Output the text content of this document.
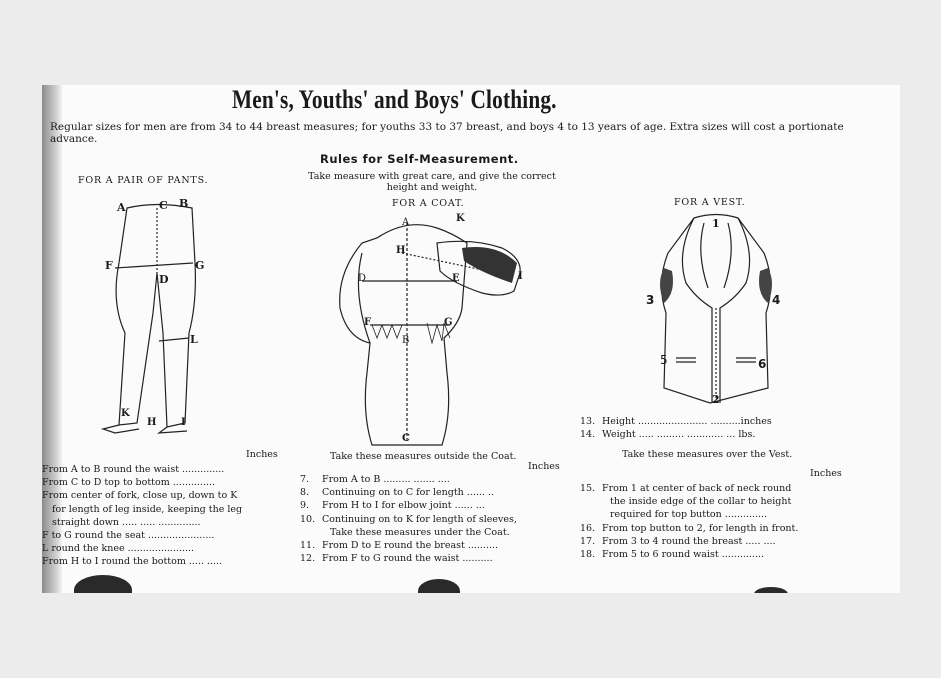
Men's, Youths' and Boys' Clothing.
Regular sizes for men are from 34 to 44 breast measures; for youths 33 to 37 breast, and boys 4 to 13 years of age. Extra sizes will cost a portionate advance.
Rules for Self-Measurement.
Take measure with great care, and give the correct height and weight.
FOR A PAIR OF PANTS.
A	C B
F	G
D
L
K
H I
Inches
From A to B round the waist ..............
From C to D top to bottom ..............
From center of fork, close up, down to K
for length of leg inside, keeping the leg
straight down ..... ..... ..............
F to G round the seat ......................
L round the knee ......................
From H to I round the bottom ..... .....
FOR A COAT.
A	K
H
I
D	E
F	G
B
C
Take these measures outside the Coat.
Inches
7. From A to B ......... ....... ....
8. Continuing on to C for length ...... ..
9. From H to I for elbow joint ...... ...
10. Continuing on to K for length of sleeves,
Take these measures under the Coat.
11. From D to E round the breast ..........
12. From F to G round the waist ..........
FOR A VEST.
1
3	4
5	6
2
13. Height ....................... ..........inches
14. Weight ..... ......... ............ ... lbs.
Take these measures over the Vest.
Inches
15. From 1 at center of back of neck round
the inside edge of the collar to height
required for top button ..............
16. From top button to 2, for length in front.
17. From 3 to 4 round the breast ..... ....
18. From 5 to 6 round waist ..............
